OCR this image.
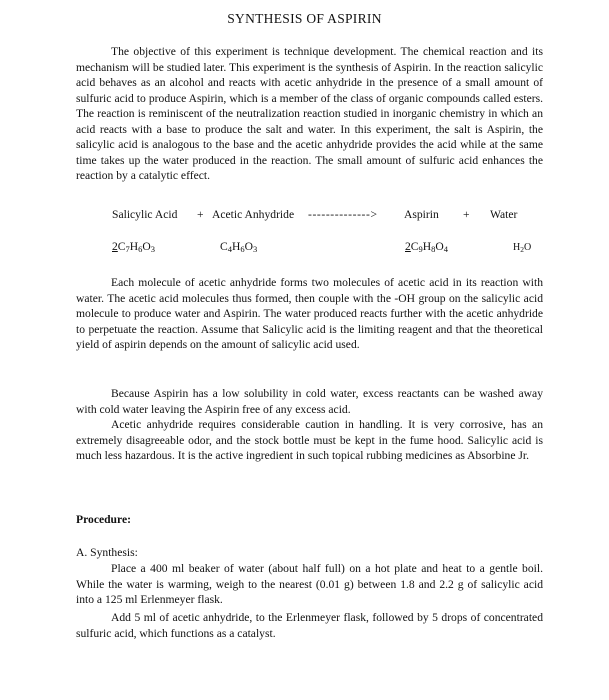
SYNTHESIS OF ASPIRIN

The objective of this experiment is technique development. The chemical reaction and its mechanism will be studied later. This experiment is the synthesis of Aspirin. In the reaction salicylic acid behaves as an alcohol and reacts with acetic anhydride in the presence of a small amount of sulfuric acid to produce Aspirin, which is a member of the class of organic compounds called esters. The reaction is reminiscent of the neutralization reaction studied in inorganic chemistry in which an acid reacts with a base to produce the salt and water. In this experiment, the salt is Aspirin, the salicylic acid is analogous to the base and the acetic anhydride provides the acid while at the same time takes up the water produced in the reaction. The small amount of sulfuric acid enhances the reaction by a catalytic effect.

Salicylic Acid + Acetic Anhydride --------------> Aspirin + Water
$2C_7H_6O_3$	$C_4H_6O_3$	$2C_9H_8O_4$	$H_2O$

Each molecule of acetic anhydride forms two molecules of acetic acid in its reaction with water. The acetic acid molecules thus formed, then couple with the -OH group on the salicylic acid molecule to produce water and Aspirin. The water produced reacts further with the acetic anhydride to perpetuate the reaction. Assume that Salicylic acid is the limiting reagent and that the theoretical yield of aspirin depends on the amount of salicylic acid used.

Because Aspirin has a low solubility in cold water, excess reactants can be washed away with cold water leaving the Aspirin free of any excess acid.

Acetic anhydride requires considerable caution in handling. It is very corrosive, has an extremely disagreeable odor, and the stock bottle must be kept in the fume hood. Salicylic acid is much less hazardous. It is the active ingredient in such topical rubbing medicines as Absorbine Jr.

Procedure:
A. Synthesis:

Place a 400 ml beaker of water (about half full) on a hot plate and heat to a gentle boil. While the water is warming, weigh to the nearest (0.01 g) between 1.8 and 2.2 g of salicylic acid into a 125 ml Erlenmeyer flask.

Add 5 ml of acetic anhydride, to the Erlenmeyer flask, followed by 5 drops of concentrated sulfuric acid, which functions as a catalyst.
